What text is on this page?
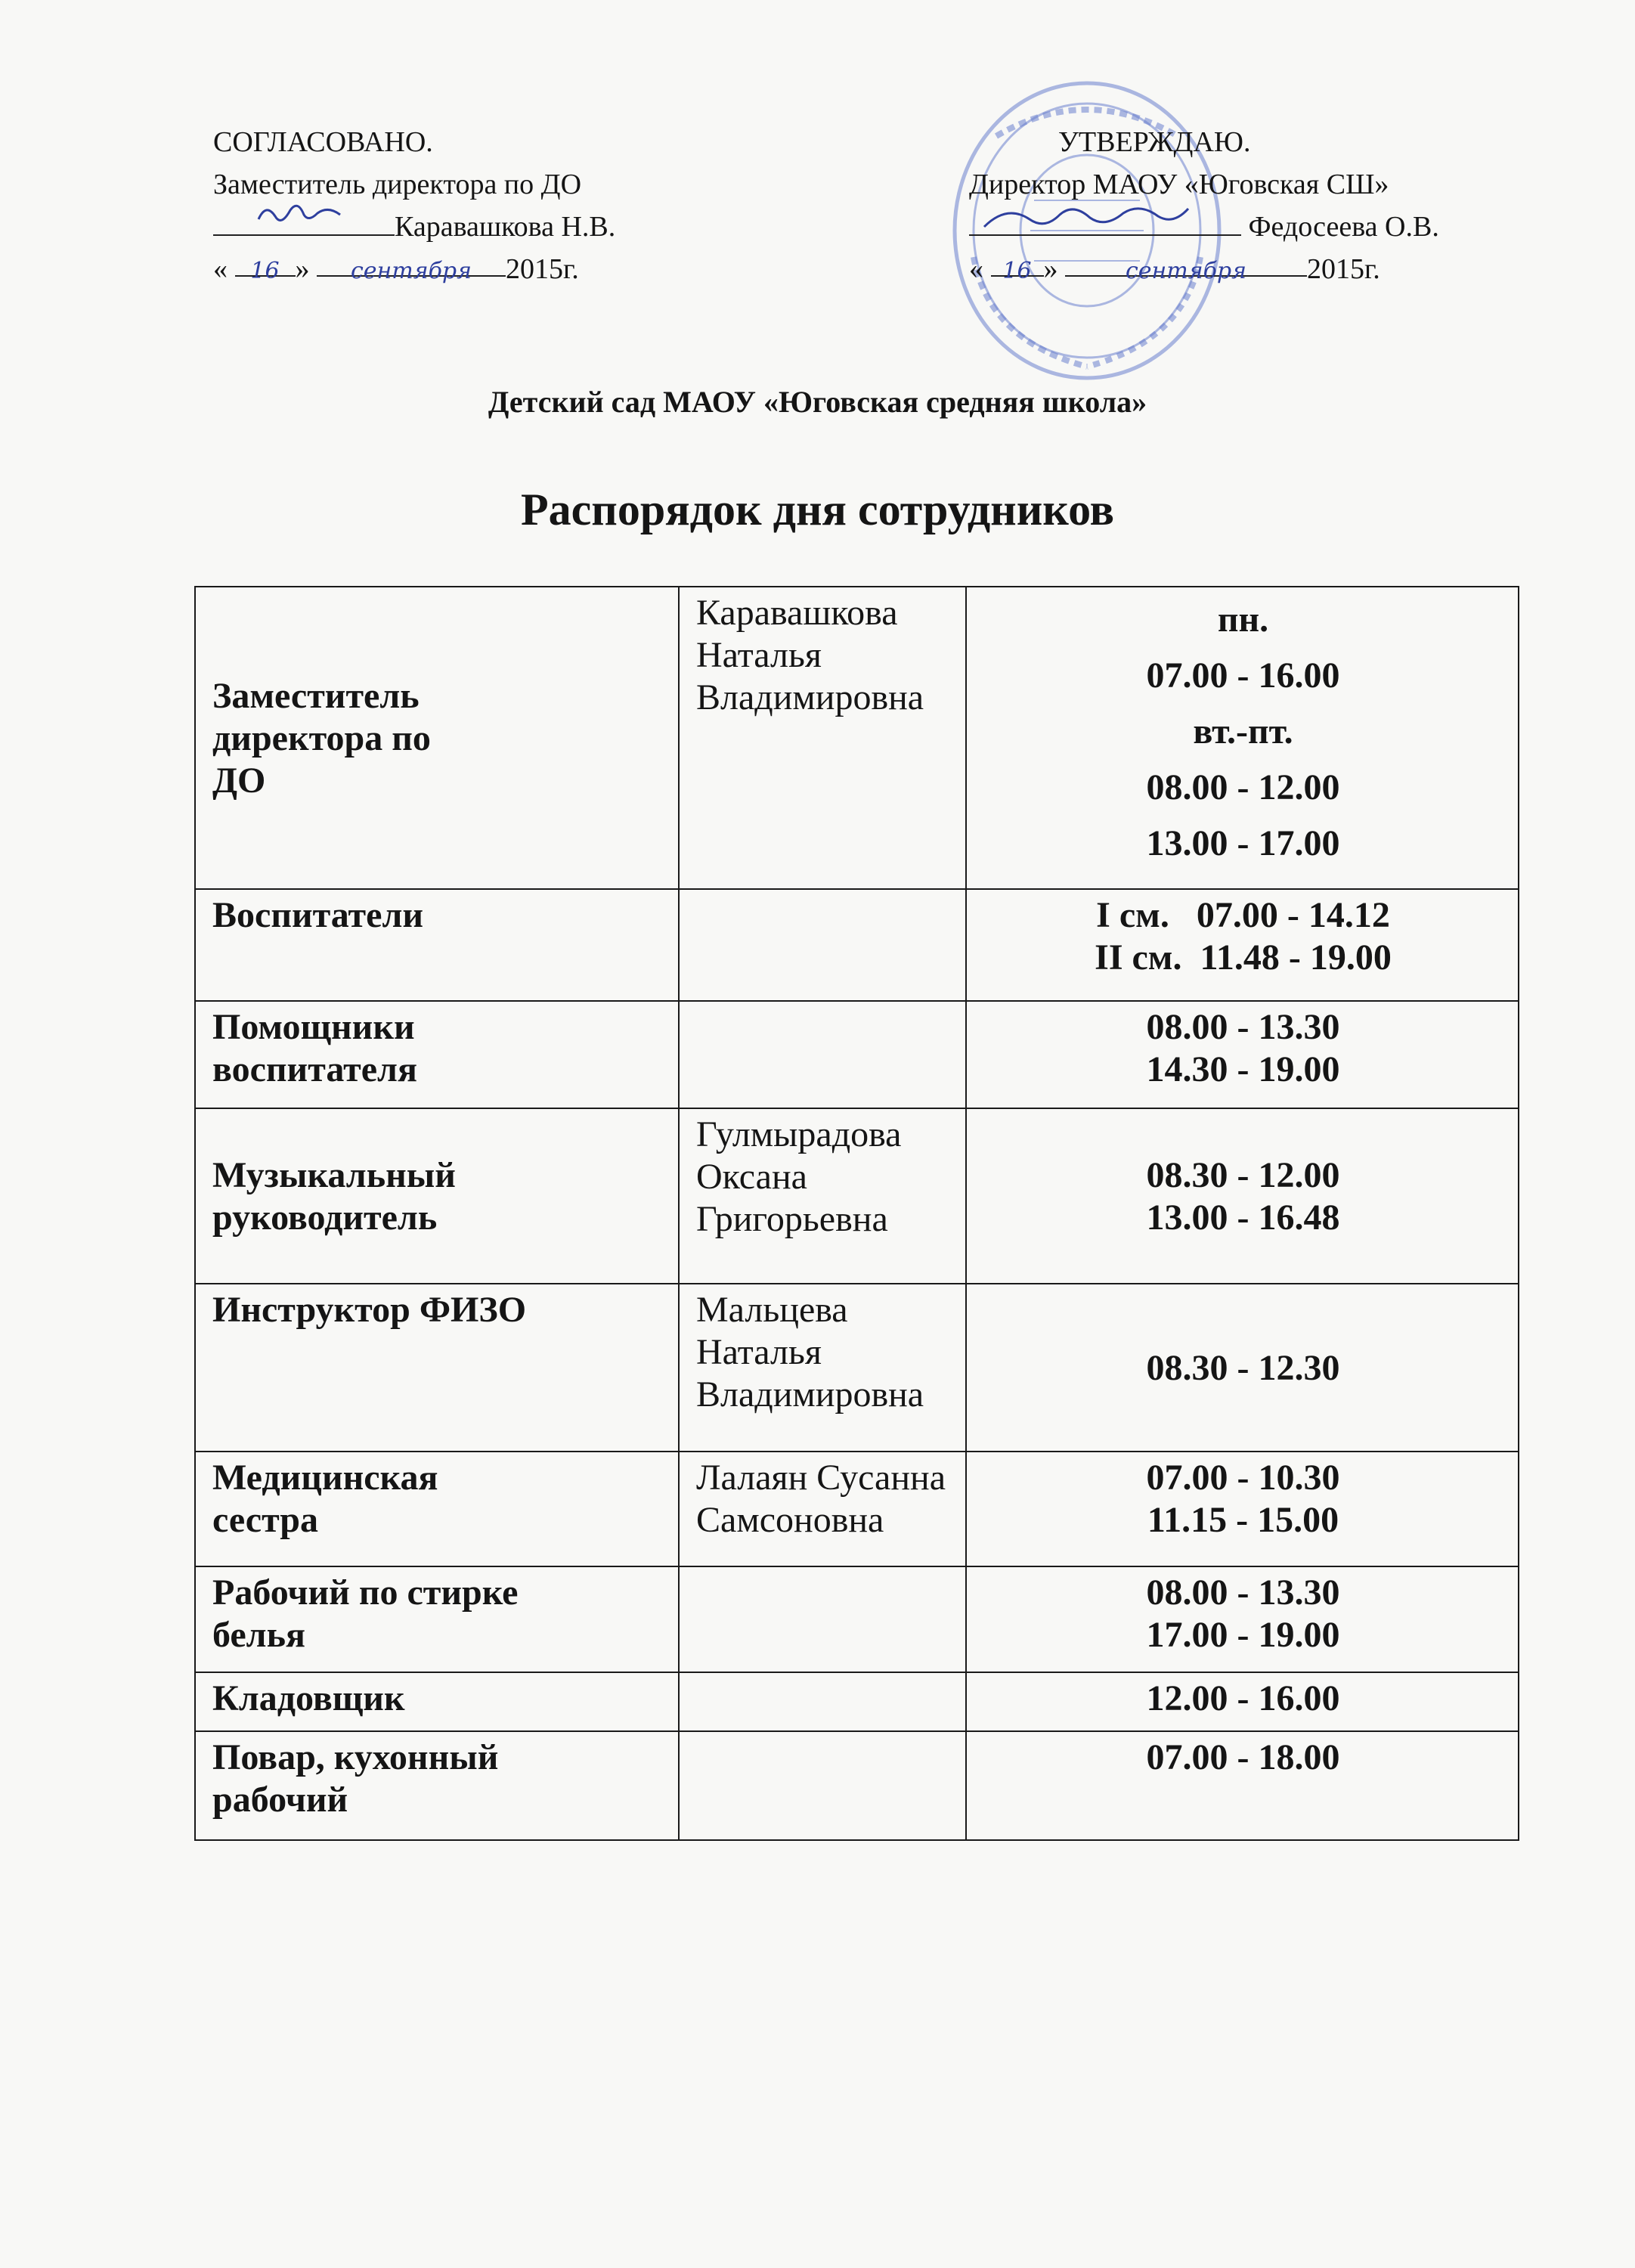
СОГЛАСОВАНО.
Заместитель директора по ДО
Каравашкова Н.В.
« 16 » сентября 2015г.
УТВЕРЖДАЮ.
Директор МАОУ «Юговская СШ»
Федосеева О.В.
« 16 »	сентября 2015г.
Детский сад МАОУ «Юговская средняя школа»
Распорядок дня сотрудников
Заместитель
директора по
ДО	Каравашкова
Наталья
Владимировна	пн.
07.00 - 16.00
вт.-пт.
08.00 - 12.00
13.00 - 17.00

Воспитатели		I см.   07.00 - 14.12
II см.  11.48 - 19.00

Помощники
воспитателя		08.00 - 13.30
14.30 - 19.00

Музыкальный
руководитель	Гулмырадова
Оксана
Григорьевна	08.30 - 12.00
13.00 - 16.48

Инструктор ФИЗО	Мальцева
Наталья
Владимировна	08.30 - 12.30

Медицинская
сестра	Лалаян Сусанна
Самсоновна	07.00 - 10.30
11.15 - 15.00

Рабочий по стирке
белья		08.00 - 13.30
17.00 - 19.00

Кладовщик		12.00 - 16.00

Повар, кухонный
рабочий		07.00 - 18.00
